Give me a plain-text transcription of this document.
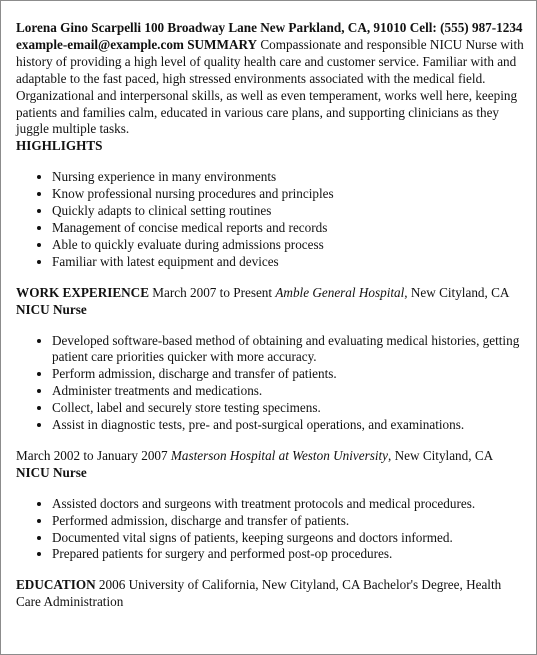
Lorena Gino Scarpelli 100 Broadway Lane New Parkland, CA, 91010 Cell: (555) 987-1234 example-email@example.com SUMMARY Compassionate and responsible NICU Nurse with history of providing a high level of quality health care and customer service. Familiar with and adaptable to the fast paced, high stressed environments associated with the medical field. Organizational and interpersonal skills, as well as even temperament, works well here, keeping patients and families calm, educated in various care plans, and supporting clinicians as they juggle multiple tasks.

HIGHLIGHTS

• Nursing experience in many environments
• Know professional nursing procedures and principles
• Quickly adapts to clinical setting routines
• Management of concise medical reports and records
• Able to quickly evaluate during admissions process
• Familiar with latest equipment and devices

WORK EXPERIENCE March 2007 to Present Amble General Hospital, New Cityland, CA NICU Nurse

• Developed software-based method of obtaining and evaluating medical histories, getting patient care priorities quicker with more accuracy.
• Perform admission, discharge and transfer of patients.
• Administer treatments and medications.
• Collect, label and securely store testing specimens.
• Assist in diagnostic tests, pre- and post-surgical operations, and examinations.

March 2002 to January 2007 Masterson Hospital at Weston University, New Cityland, CA NICU Nurse

• Assisted doctors and surgeons with treatment protocols and medical procedures.
• Performed admission, discharge and transfer of patients.
• Documented vital signs of patients, keeping surgeons and doctors informed.
• Prepared patients for surgery and performed post-op procedures.

EDUCATION 2006 University of California, New Cityland, CA Bachelor's Degree, Health Care Administration
